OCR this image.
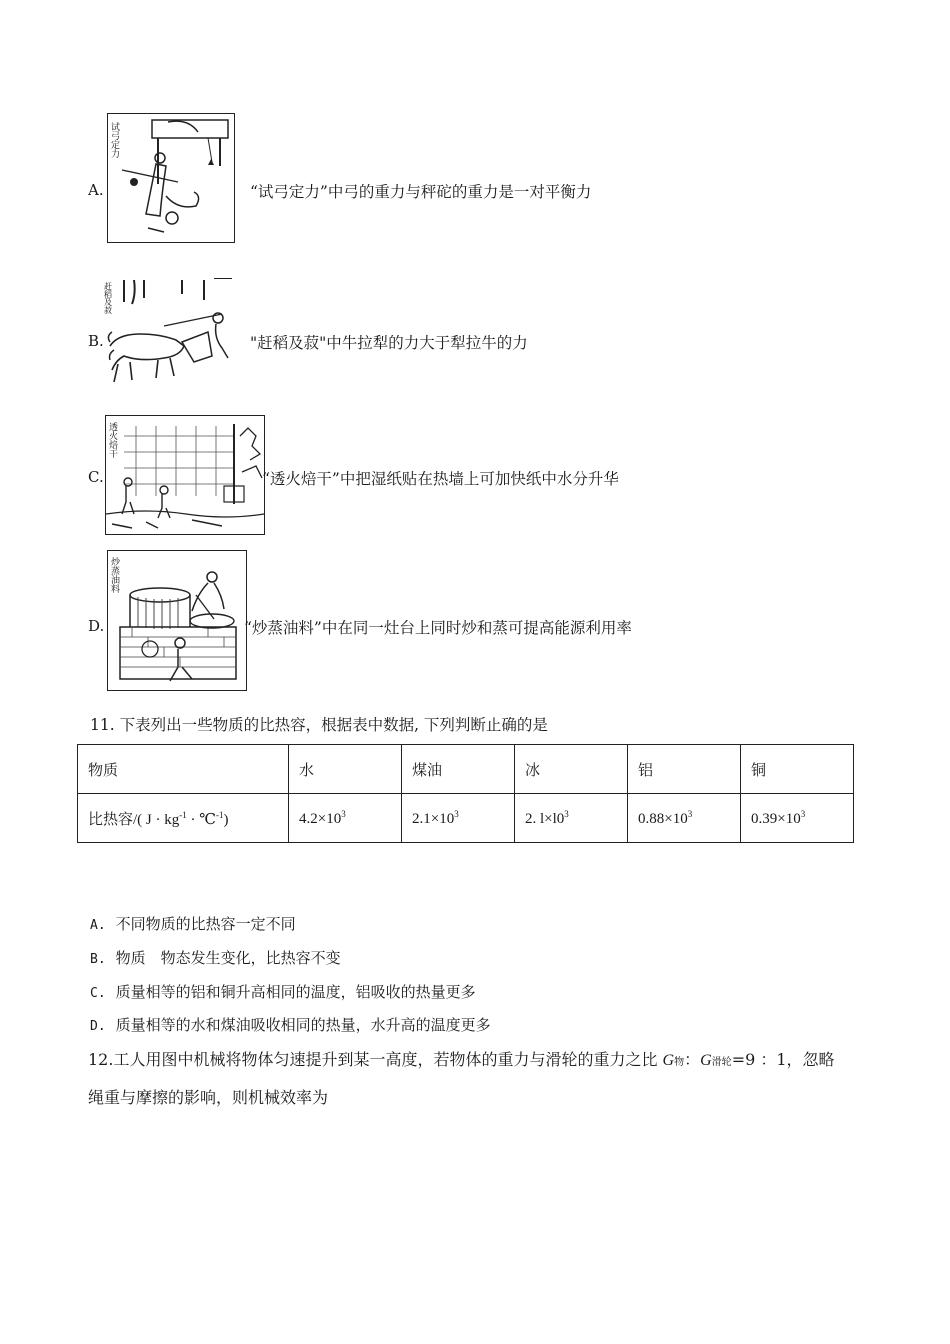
A.
试弓定力
“试弓定力”中弓的重力与秤砣的重力是一对平衡力
B.
赶稻及菽
"赶稻及菽"中牛拉犁的力大于犁拉牛的力
C.
透火焙干
“透火焙干”中把湿纸贴在热墙上可加快纸中水分升华
D.
炒蒸油料
“炒蒸油料”中在同一灶台上同时炒和蒸可提高能源利用率
11. 下表列出一些物质的比热容，根据表中数据, 下列判断止确的是
物质	水	煤油	冰	铝	铜
比热容/( $J \cdot kg^{-1}$ · ℃$^{-1}$)	$4.2\times 10^3$	$2.1\times 10^3$	2. $l\times l0^3$	$0.88\times 10^3$	$0.39\times 10^3$
A. 不同物质的比热容一定不同
B. 物质　物态发生变化，比热容不变
C. 质量相等的铝和铜升高相同的温度，铝吸收的热量更多
D. 质量相等的水和煤油吸收相同的热量，水升高的温度更多
12.工人用图中机械将物体匀速提升到某一高度，若物体的重力与滑轮的重力之比 G物：G滑轮=9 ：1，忽略
绳重与摩擦的影响，则机械效率为
